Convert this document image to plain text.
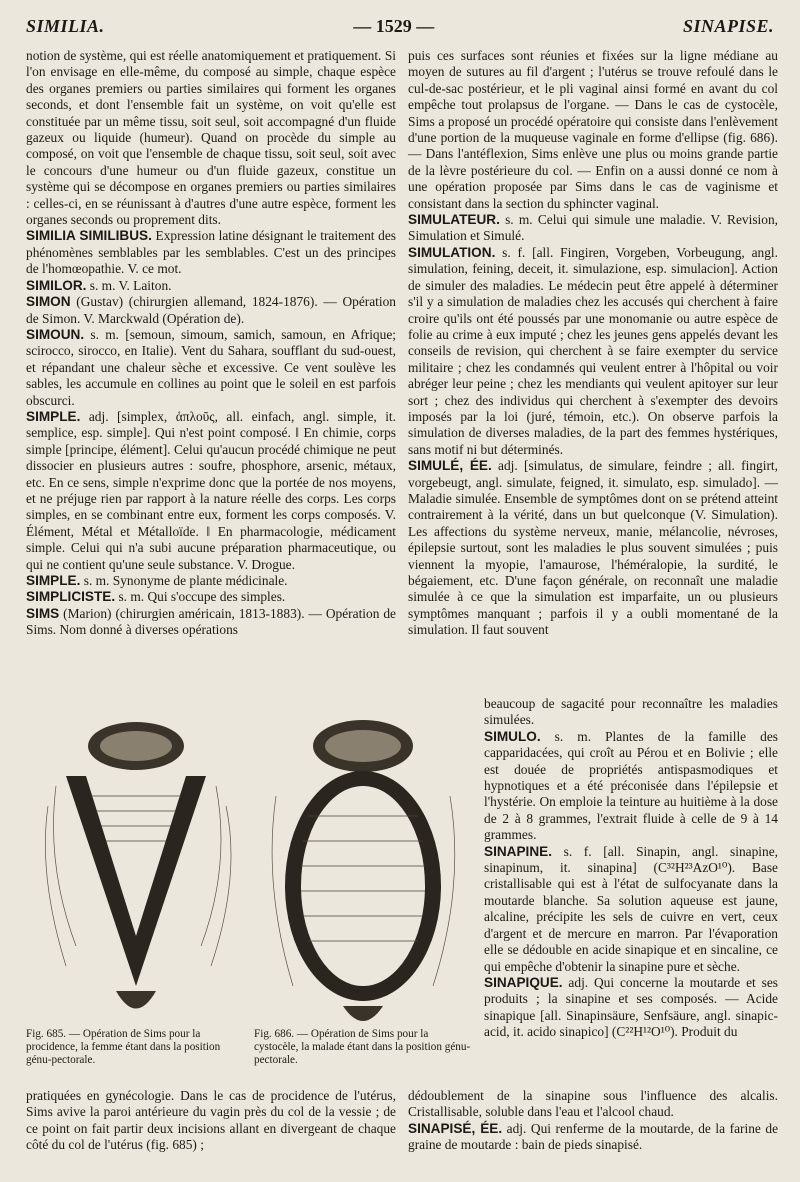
SIMILIA.	— 1529 —	SINAPISE.

notion de système, qui est réelle anatomiquement et pratiquement. Si l'on envisage en elle-même, du composé au simple, chaque espèce des organes premiers ou parties similaires qui forment les organes seconds, et dont l'ensemble fait un système, on voit qu'elle est constituée par un même tissu, soit seul, soit accompagné d'un fluide gazeux ou liquide (humeur). Quand on procède du simple au composé, on voit que l'ensemble de chaque tissu, soit seul, soit avec le concours d'une humeur ou d'un fluide gazeux, constitue un système qui se décompose en organes premiers ou parties similaires : celles-ci, en se réunissant à d'autres d'une autre espèce, forment les organes seconds ou proprement dits.

SIMILIA SIMILIBUS. Expression latine désignant le traitement des phénomènes semblables par les semblables. C'est un des principes de l'homœopathie. V. ce mot.

SIMILOR. s. m. V. Laiton.

SIMON (Gustav) (chirurgien allemand, 1824-1876). — Opération de Simon. V. Marckwald (Opération de).

SIMOUN. s. m. [semoun, simoum, samich, samoun, en Afrique; scirocco, sirocco, en Italie). Vent du Sahara, soufflant du sud-ouest, et répandant une chaleur sèche et excessive. Ce vent soulève les sables, les accumule en collines au point que le soleil en est parfois obscurci.

SIMPLE. adj. [simplex, ἁπλοῦς, all. einfach, angl. simple, it. semplice, esp. simple]. Qui n'est point composé. ‖ En chimie, corps simple [principe, élément]. Celui qu'aucun procédé chimique ne peut dissocier en plusieurs autres : soufre, phosphore, arsenic, métaux, etc. En ce sens, simple n'exprime donc que la portée de nos moyens, et ne préjuge rien par rapport à la nature réelle des corps. Les corps simples, en se combinant entre eux, forment les corps composés. V. Élément, Métal et Métalloïde. ‖ En pharmacologie, médicament simple. Celui qui n'a subi aucune préparation pharmaceutique, ou qui ne contient qu'une seule substance. V. Drogue.

SIMPLE. s. m. Synonyme de plante médicinale.

SIMPLICISTE. s. m. Qui s'occupe des simples.

SIMS (Marion) (chirurgien américain, 1813-1883). — Opération de Sims. Nom donné à diverses opérations

puis ces surfaces sont réunies et fixées sur la ligne médiane au moyen de sutures au fil d'argent ; l'utérus se trouve refoulé dans le cul-de-sac postérieur, et le pli vaginal ainsi formé en avant du col empêche tout prolapsus de l'organe. — Dans le cas de cystocèle, Sims a proposé un procédé opératoire qui consiste dans l'enlèvement d'une portion de la muqueuse vaginale en forme d'ellipse (fig. 686). — Dans l'antéflexion, Sims enlève une plus ou moins grande partie de la lèvre postérieure du col. — Enfin on a aussi donné ce nom à une opération proposée par Sims dans le cas de vaginisme et consistant dans la section du sphincter vaginal.

SIMULATEUR. s. m. Celui qui simule une maladie. V. Revision, Simulation et Simulé.

SIMULATION. s. f. [all. Fingiren, Vorgeben, Vorbeugung, angl. simulation, feining, deceit, it. simulazione, esp. simulacion]. Action de simuler des maladies. Le médecin peut être appelé à déterminer s'il y a simulation de maladies chez les accusés qui cherchent à faire croire qu'ils ont été poussés par une monomanie ou autre espèce de folie au crime à eux imputé ; chez les jeunes gens appelés devant les conseils de revision, qui cherchent à se faire exempter du service militaire ; chez les condamnés qui veulent entrer à l'hôpital ou voir abréger leur peine ; chez les mendiants qui veulent apitoyer sur leur sort ; chez des individus qui cherchent à s'exempter des devoirs imposés par la loi (juré, témoin, etc.). On observe parfois la simulation de diverses maladies, de la part des femmes hystériques, sans motif ni but déterminés.

SIMULÉ, ÉE. adj. [simulatus, de simulare, feindre ; all. fingirt, vorgebeugt, angl. simulate, feigned, it. simulato, esp. simulado]. — Maladie simulée. Ensemble de symptômes dont on se prétend atteint contrairement à la vérité, dans un but quelconque (V. Simulation). Les affections du système nerveux, manie, mélancolie, névroses, épilepsie surtout, sont les maladies le plus souvent simulées ; puis viennent la myopie, l'amaurose, l'héméralopie, la surdité, le bégaiement, etc. D'une façon générale, on reconnaît une maladie simulée à ce que la simulation est imparfaite, un ou plusieurs symptômes manquant ; parfois il y a oubli momentané de la simulation. Il faut souvent

Fig. 685. — Opération de Sims pour la procidence, la femme étant dans la position génu-pectorale.
Fig. 686. — Opération de Sims pour la cystocèle, la malade étant dans la position génu-pectorale.

beaucoup de sagacité pour reconnaître les maladies simulées.

SIMULO. s. m. Plantes de la famille des capparidacées, qui croît au Pérou et en Bolivie ; elle est douée de propriétés antispasmodiques et hypnotiques et a été préconisée dans l'épilepsie et l'hystérie. On emploie la teinture au huitième à la dose de 2 à 8 grammes, l'extrait fluide à celle de 9 à 14 grammes.

SINAPINE. s. f. [all. Sinapin, angl. sinapine, sinapinum, it. sinapina] (C³²H²³AzO¹⁰). Base cristallisable qui est à l'état de sulfocyanate dans la moutarde blanche. Sa solution aqueuse est jaune, alcaline, précipite les sels de cuivre en vert, ceux d'argent et de mercure en marron. Par l'évaporation elle se dédouble en acide sinapique et en sincaline, ce qui empêche d'obtenir la sinapine pure et sèche.

SINAPIQUE. adj. Qui concerne la moutarde et ses produits ; la sinapine et ses composés. — Acide sinapique [all. Sinapinsäure, Senfsäure, angl. sinapic-acid, it. acido sinapico] (C²²H¹²O¹⁰). Produit du

pratiquées en gynécologie. Dans le cas de procidence de l'utérus, Sims avive la paroi antérieure du vagin près du col de la vessie ; de ce point on fait partir deux incisions allant en divergeant de chaque côté du col de l'utérus (fig. 685) ;

dédoublement de la sinapine sous l'influence des alcalis. Cristallisable, soluble dans l'eau et l'alcool chaud.

SINAPISÉ, ÉE. adj. Qui renferme de la moutarde, de la farine de graine de moutarde : bain de pieds sinapisé.
